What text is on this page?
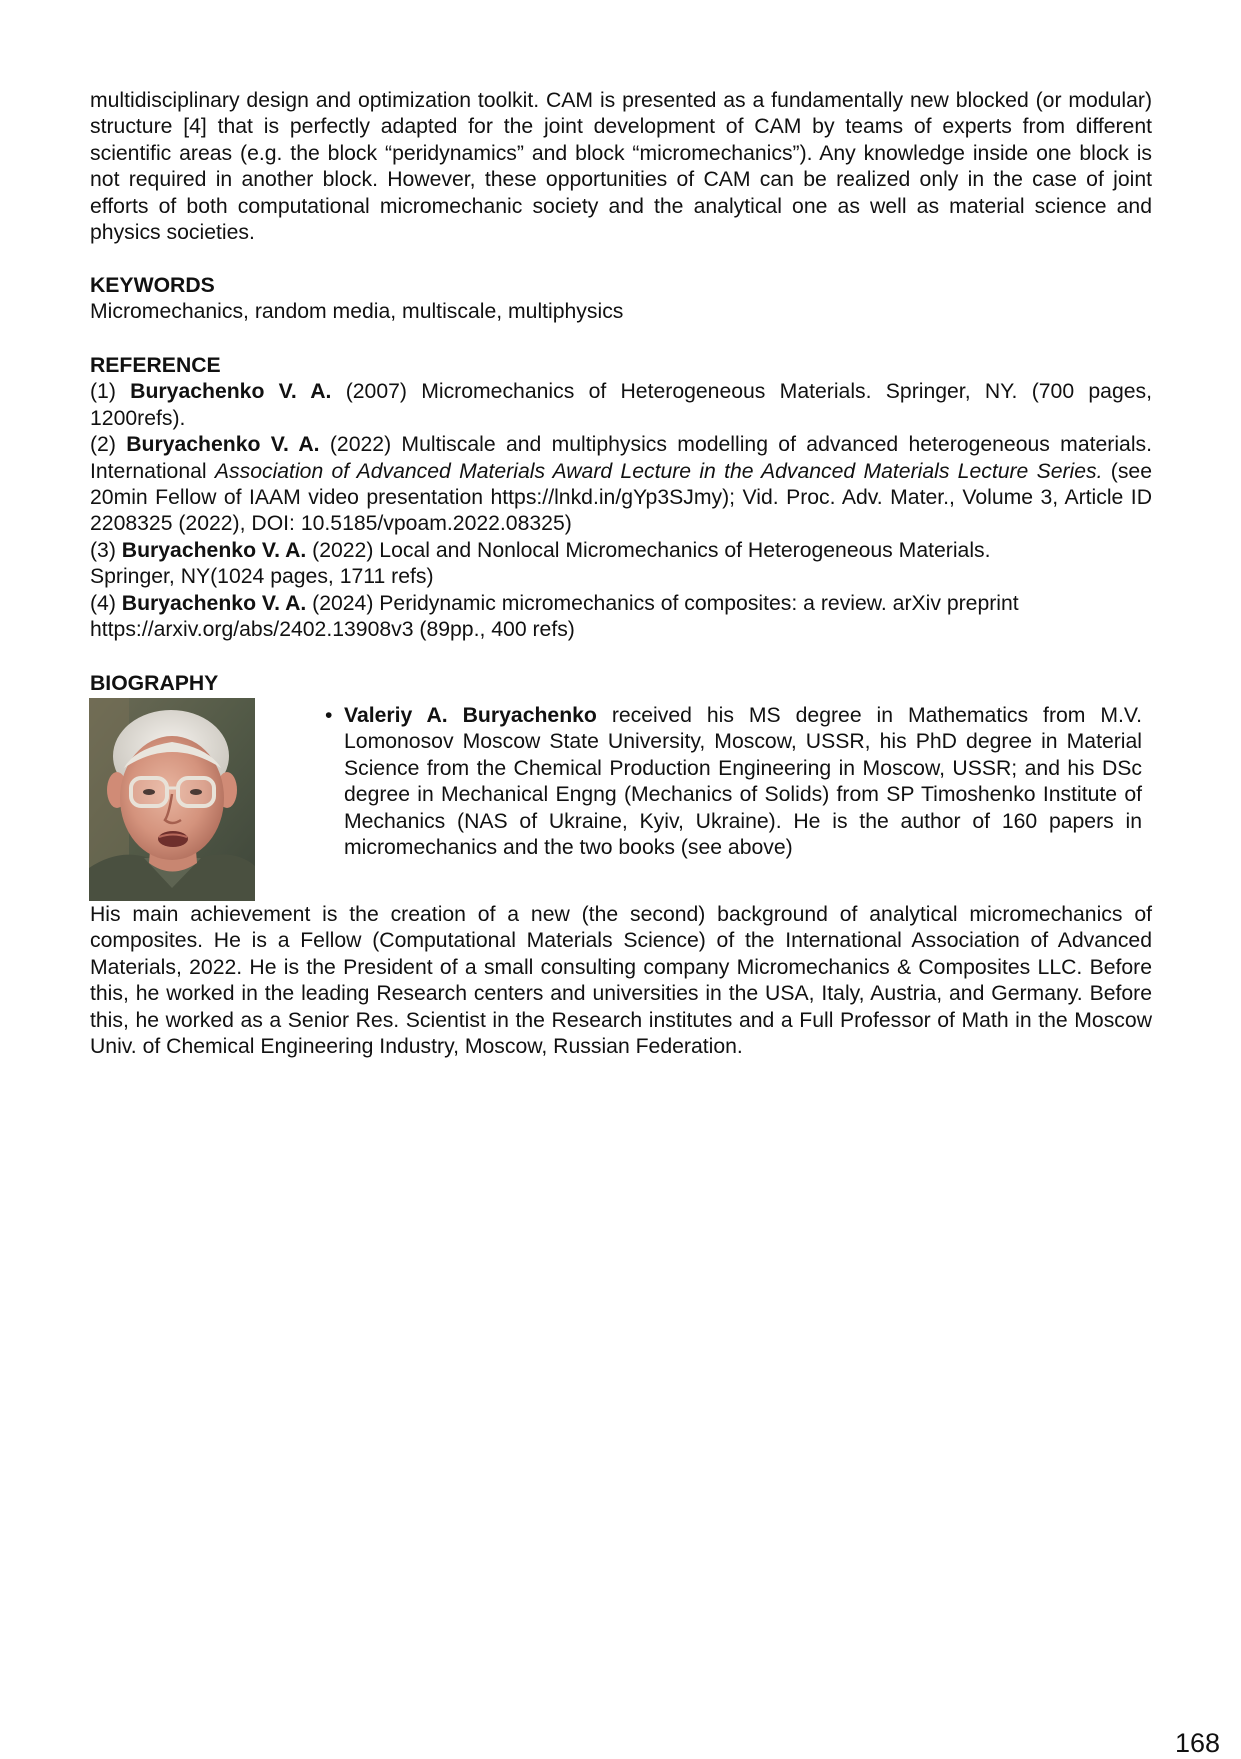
multidisciplinary design and optimization toolkit. CAM is presented as a fundamentally new blocked (or modular) structure [4] that is perfectly adapted for the joint development of CAM by teams of experts from different scientific areas (e.g. the block “peridynamics” and block “micromechanics”). Any knowledge inside one block is not required in another block. However, these opportunities of CAM can be realized only in the case of joint efforts of both computational micromechanic society and the analytical one as well as material science and physics societies.

KEYWORDS

Micromechanics, random media, multiscale, multiphysics

REFERENCE

(1) Buryachenko V. A. (2007) Micromechanics of Heterogeneous Materials. Springer, NY. (700 pages, 1200refs).

(2) Buryachenko V. A. (2022) Multiscale and multiphysics modelling of advanced heterogeneous materials. International Association of Advanced Materials Award Lecture in the Advanced Materials Lecture Series. (see 20min Fellow of IAAM video presentation https://lnkd.in/gYp3SJmy); Vid. Proc. Adv. Mater., Volume 3, Article ID 2208325 (2022), DOI: 10.5185/vpoam.2022.08325)

(3) Buryachenko V. A. (2022) Local and Nonlocal Micromechanics of Heterogeneous Materials.
Springer, NY(1024 pages, 1711 refs)

(4) Buryachenko V. A. (2024) Peridynamic micromechanics of composites: a review. arXiv preprint
https://arxiv.org/abs/2402.13908v3 (89pp., 400 refs)

BIOGRAPHY

• Valeriy A. Buryachenko received his MS degree in Mathematics from M.V. Lomonosov Moscow State University, Moscow, USSR, his PhD degree in Material Science from the Chemical Production Engineering in Moscow, USSR; and his DSc degree in Mechanical Engng (Mechanics of Solids) from SP Timoshenko Institute of Mechanics (NAS of Ukraine, Kyiv, Ukraine). He is the author of 160 papers in micromechanics and the two books (see above)

His main achievement is the creation of a new (the second) background of analytical micromechanics of composites. He is a Fellow (Computational Materials Science) of the International Association of Advanced Materials, 2022. He is the President of a small consulting company Micromechanics & Composites LLC. Before this, he worked in the leading Research centers and universities in the USA, Italy, Austria, and Germany. Before this, he worked as a Senior Res. Scientist in the Research institutes and a Full Professor of Math in the Moscow Univ. of Chemical Engineering Industry, Moscow, Russian Federation.

168
